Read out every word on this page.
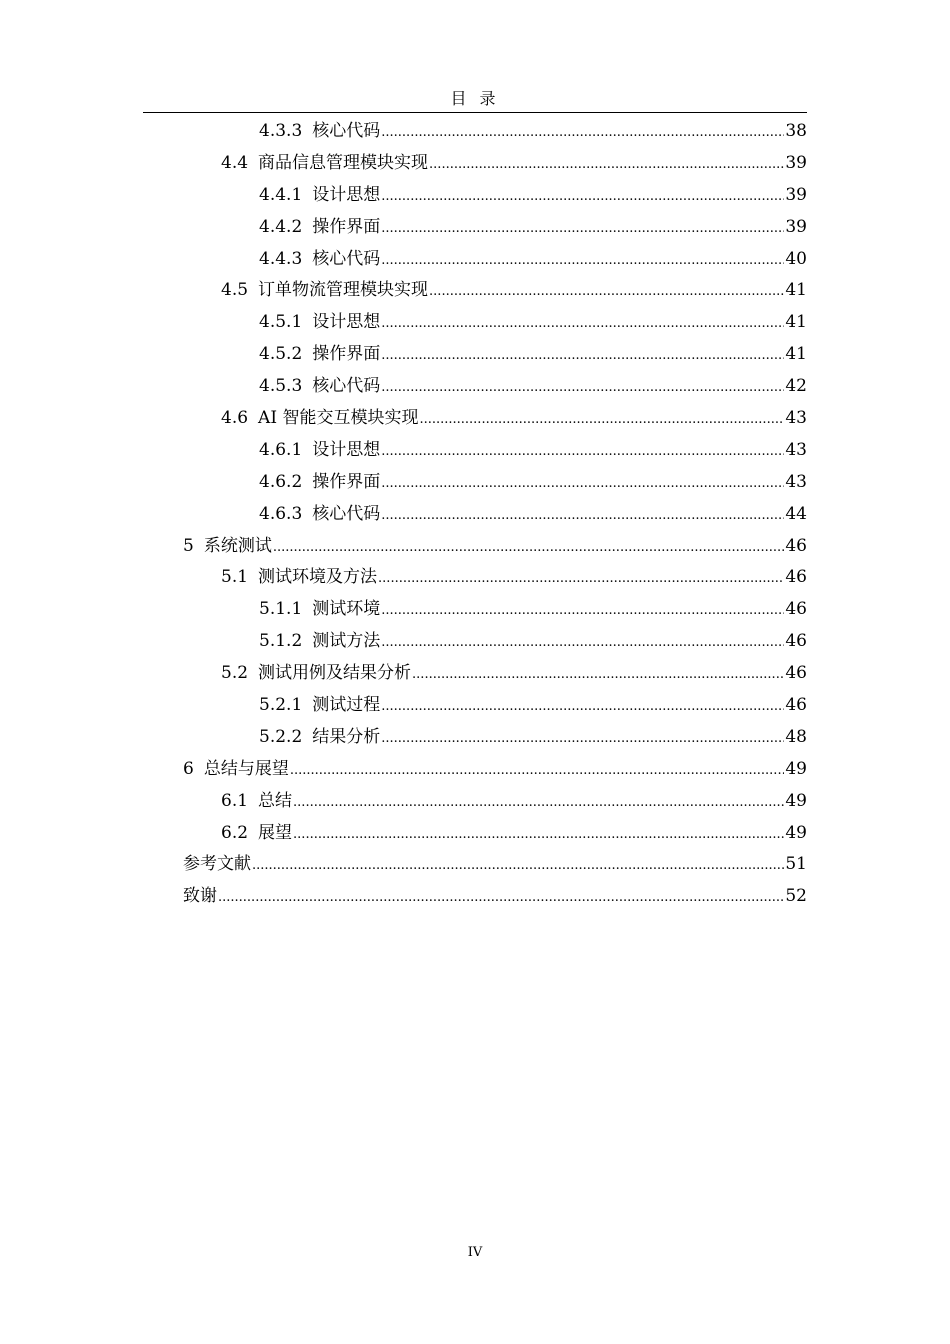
目 录
4.3.3 核心代码 .....	38
4.4 商品信息管理模块实现 .....	39
4.4.1 设计思想 .....	39
4.4.2 操作界面 .....	39
4.4.3 核心代码 .....	40
4.5 订单物流管理模块实现 .....	41
4.5.1 设计思想 .....	41
4.5.2 操作界面 .....	41
4.5.3 核心代码 .....	42
4.6 AI 智能交互模块实现 .....	43
4.6.1 设计思想 .....	43
4.6.2 操作界面 .....	43
4.6.3 核心代码 .....	44
5 系统测试 .....	46
5.1 测试环境及方法 .....	46
5.1.1 测试环境 .....	46
5.1.2 测试方法 .....	46
5.2 测试用例及结果分析 .....	46
5.2.1 测试过程 .....	46
5.2.2 结果分析 .....	48
6 总结与展望 .....	49
6.1 总结 .....	49
6.2 展望 .....	49
参考文献 .....	51
致谢 .....	52
IV
